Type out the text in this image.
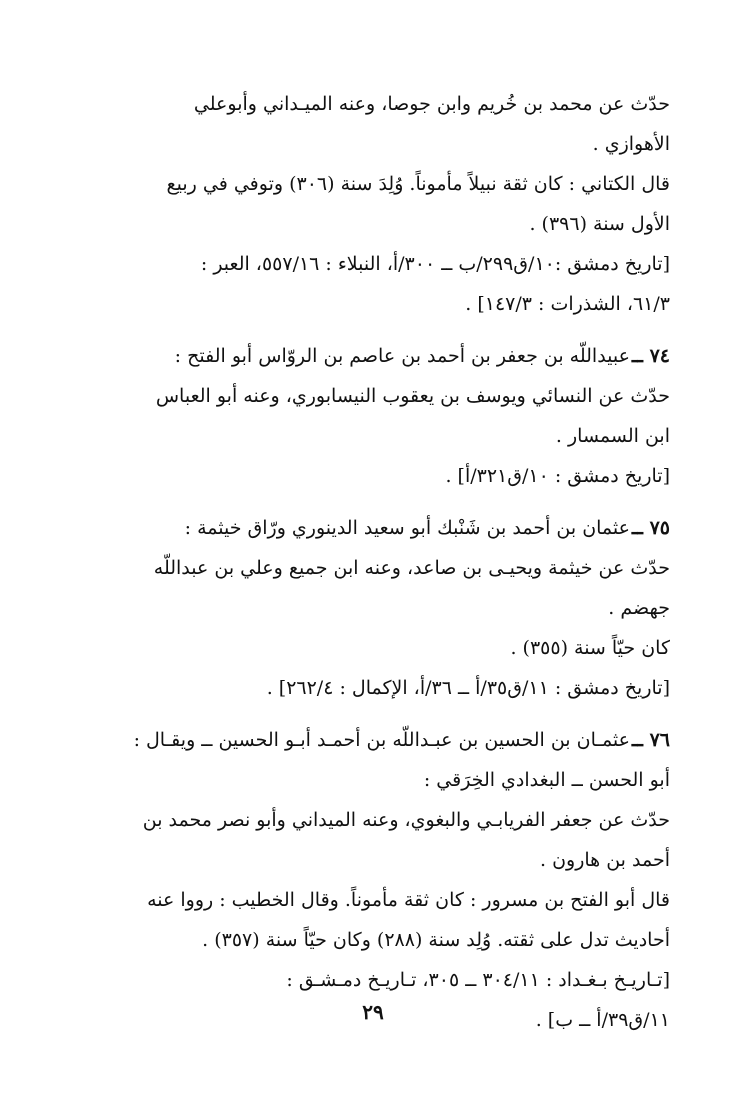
حدّث عن محمد بن خُريم وابن جوصا، وعنه الميـداني وأبوعلي
الأهوازي .
قال الكتاني : كان ثقة نبيلاً مأموناً. وُلِدَ سنة (٣٠٦) وتوفي في ربيع
الأول سنة (٣٩٦) .
[تاريخ دمشق :١٠/ق٢٩٩/ب ــ ٣٠٠/أ، النبلاء : ٥٥٧/١٦، العبر :
٦١/٣، الشذرات : ١٤٧/٣] .
٧٤ ــعبيداللّه بن جعفر بن أحمد بن عاصم بن الروّاس أبو الفتح :
حدّث عن النسائي ويوسف بن يعقوب النيسابوري، وعنه أبو العباس
ابن السمسار .
[تاريخ دمشق : ١٠/ق٣٢١/أ] .
٧٥ ــعثمان بن أحمد بن شَنْبك أبو سعيد الدينوري ورّاق خيثمة :
حدّث عن خيثمة ويحيـى بن صاعد، وعنه ابن جميع وعلي بن عبداللّه
جهضم .
كان حيّاً سنة (٣٥٥) .
[تاريخ دمشق : ١١/ق٣٥/أ ــ ٣٦/أ، الإكمال : ٢٦٢/٤] .
٧٦ ــعثمـان بن الحسين بن عبـداللّه بن أحمـد أبـو الحسين ــ ويقـال :
أبو الحسن ــ البغدادي الخِرَقي :
حدّث عن جعفر الفريابـي والبغوي، وعنه الميداني وأبو نصر محمد بن
أحمد بن هارون .
قال أبو الفتح بن مسرور : كان ثقة مأموناً. وقال الخطيب : رووا عنه
أحاديث تدل على ثقته. وُلِد سنة (٢٨٨) وكان حيّاً سنة (٣٥٧) .
[تـاريـخ بـغـداد : ٣٠٤/١١ ــ ٣٠٥، تـاريـخ دمـشـق :
١١/ق٣٩/أ ــ ب] .
٢٩
